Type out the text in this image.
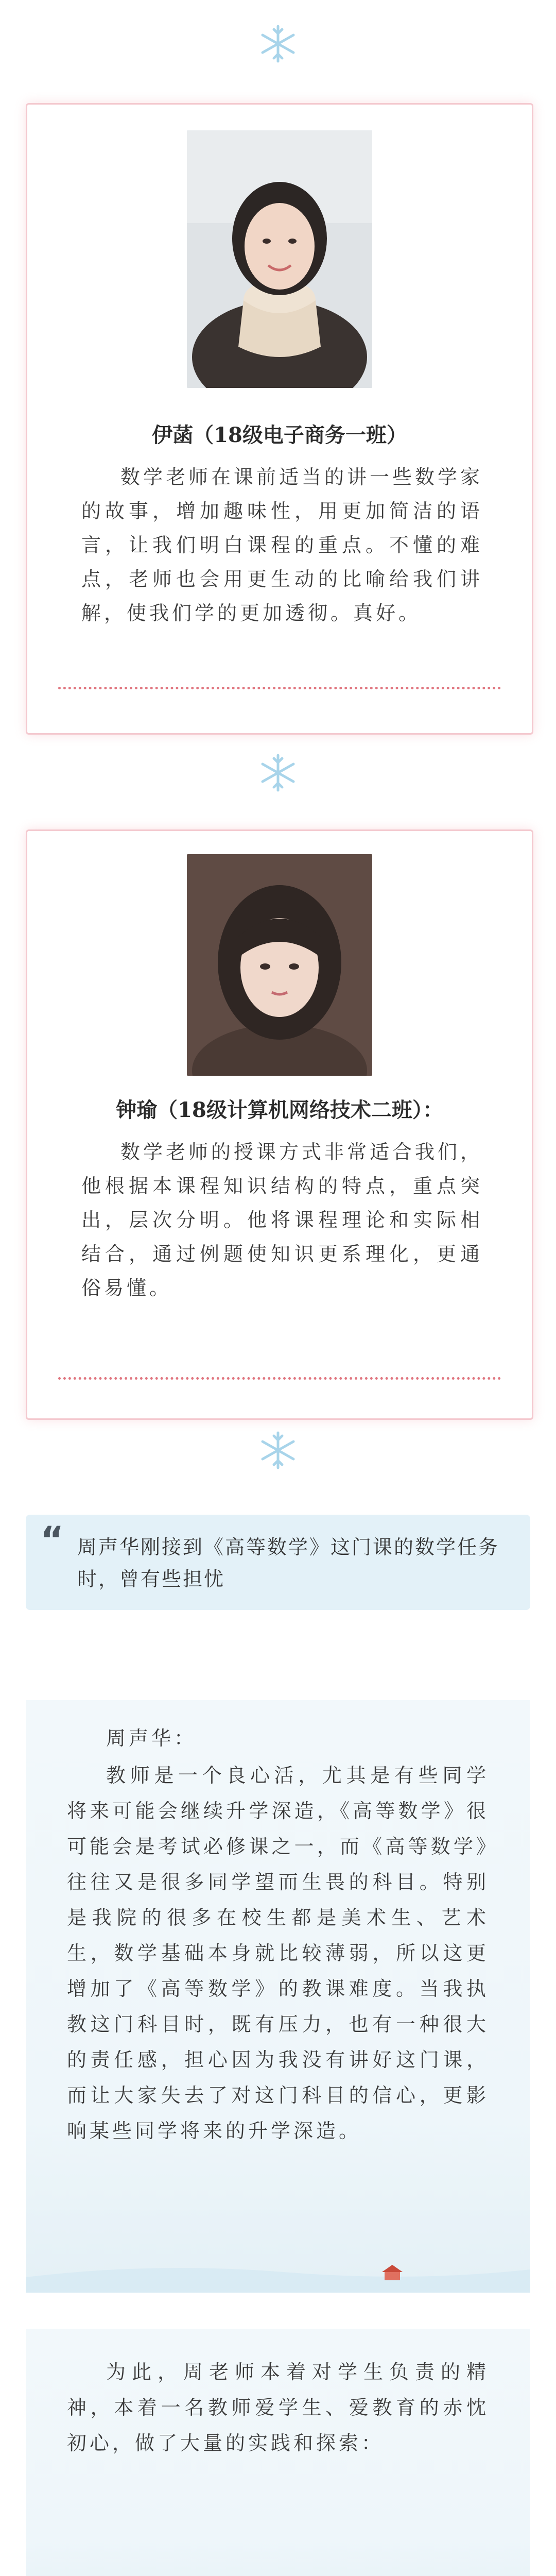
伊菡（18级电子商务一班）
数学老师在课前适当的讲一些数学家的故事，增加趣味性，用更加简洁的语言，让我们明白课程的重点。不懂的难点，老师也会用更生动的比喻给我们讲解，使我们学的更加透彻。真好。
钟瑜（18级计算机网络技术二班）：
数学老师的授课方式非常适合我们，他根据本课程知识结构的特点，重点突出，层次分明。他将课程理论和实际相结合，通过例题使知识更系理化，更通俗易懂。
“ 周声华刚接到《高等数学》这门课的数学任务时，曾有些担忧
周声华：
教师是一个良心活，尤其是有些同学将来可能会继续升学深造，《高等数学》很可能会是考试必修课之一，而《高等数学》往往又是很多同学望而生畏的科目。特别是我院的很多在校生都是美术生、艺术生，数学基础本身就比较薄弱，所以这更增加了《高等数学》的教课难度。当我执教这门科目时，既有压力，也有一种很大的责任感，担心因为我没有讲好这门课，而让大家失去了对这门科目的信心，更影响某些同学将来的升学深造。
为此，周老师本着对学生负责的精神，本着一名教师爱学生、爱教育的赤忱初心，做了大量的实践和探索：
